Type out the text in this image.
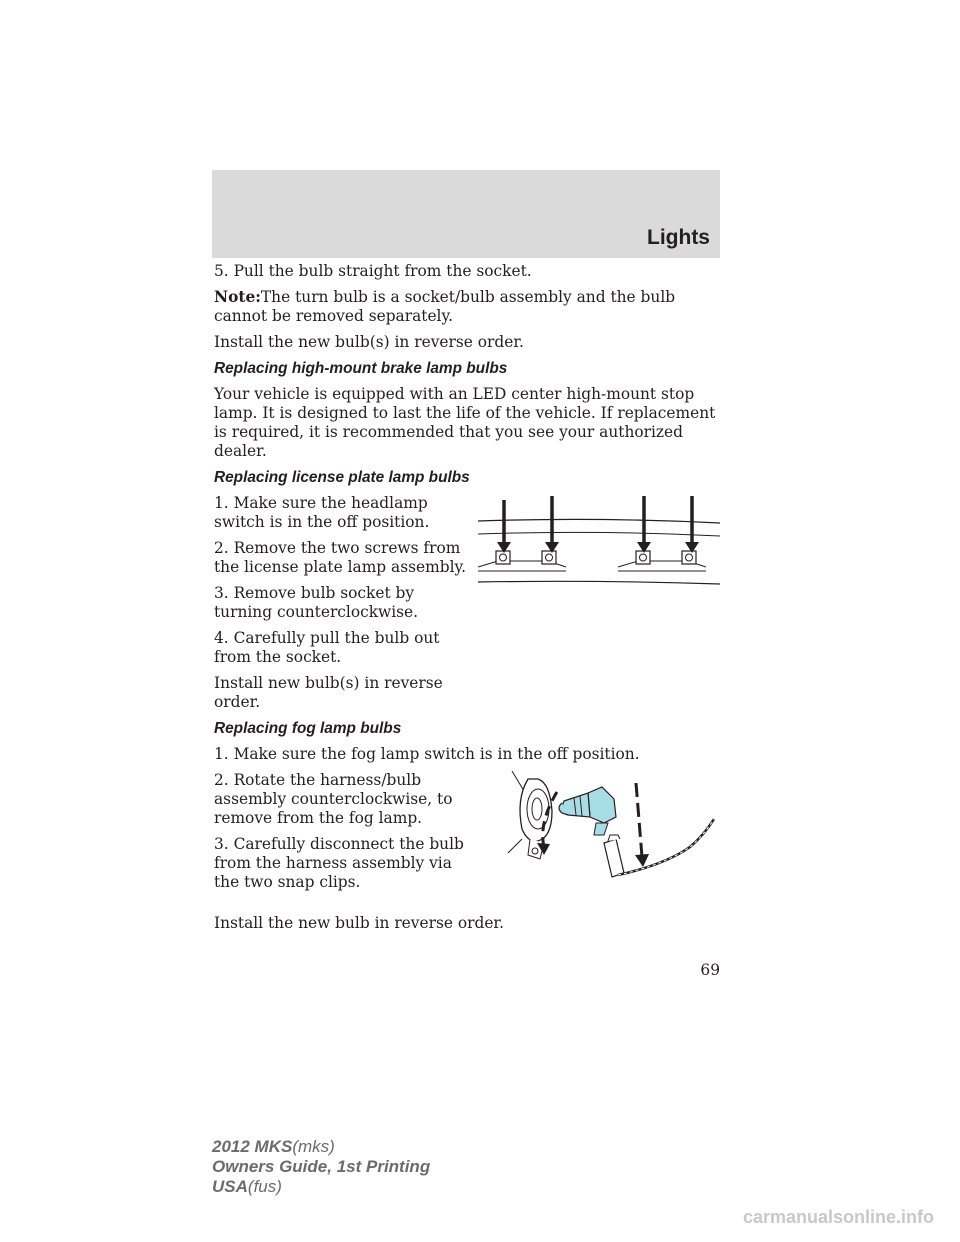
Lights

5. Pull the bulb straight from the socket.

Note:The turn bulb is a socket/bulb assembly and the bulb cannot be removed separately.

Install the new bulb(s) in reverse order.

Replacing high-mount brake lamp bulbs

Your vehicle is equipped with an LED center high-mount stop lamp. It is designed to last the life of the vehicle. If replacement is required, it is recommended that you see your authorized dealer.

Replacing license plate lamp bulbs

1. Make sure the headlamp switch is in the off position.

2. Remove the two screws from the license plate lamp assembly.

3. Remove bulb socket by turning counterclockwise.

4. Carefully pull the bulb out from the socket.

Install new bulb(s) in reverse order.

Replacing fog lamp bulbs

1. Make sure the fog lamp switch is in the off position.

2. Rotate the harness/bulb assembly counterclockwise, to remove from the fog lamp.

3. Carefully disconnect the bulb from the harness assembly via the two snap clips.

Install the new bulb in reverse order.

69

2012 MKS(mks)
Owners Guide, 1st Printing
USA(fus)
carmanualsonline.info
